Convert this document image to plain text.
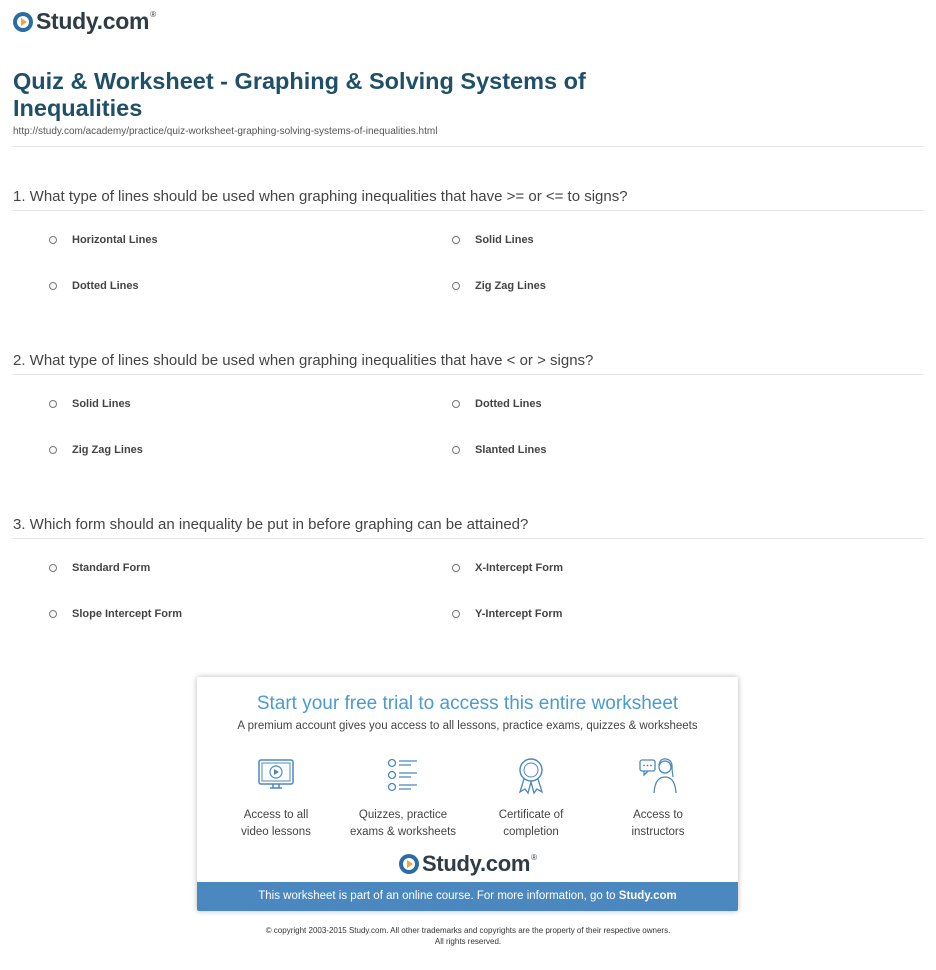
Study.com®
Quiz & Worksheet - Graphing & Solving Systems of Inequalities
http://study.com/academy/practice/quiz-worksheet-graphing-solving-systems-of-inequalities.html
1. What type of lines should be used when graphing inequalities that have >= or <= to signs?
Horizontal Lines	Solid Lines
Dotted Lines	Zig Zag Lines
2. What type of lines should be used when graphing inequalities that have < or > signs?
Solid Lines	Dotted Lines
Zig Zag Lines	Slanted Lines
3. Which form should an inequality be put in before graphing can be attained?
Standard Form	X-Intercept Form
Slope Intercept Form	Y-Intercept Form
Start your free trial to access this entire worksheet
A premium account gives you access to all lessons, practice exams, quizzes & worksheets
Access to all
video lessons
Quizzes, practice
exams & worksheets
Certificate of
completion
Access to
instructors
Study.com®
This worksheet is part of an online course. For more information, go to Study.com
© copyright 2003-2015 Study.com. All other trademarks and copyrights are the property of their respective owners.
All rights reserved.
